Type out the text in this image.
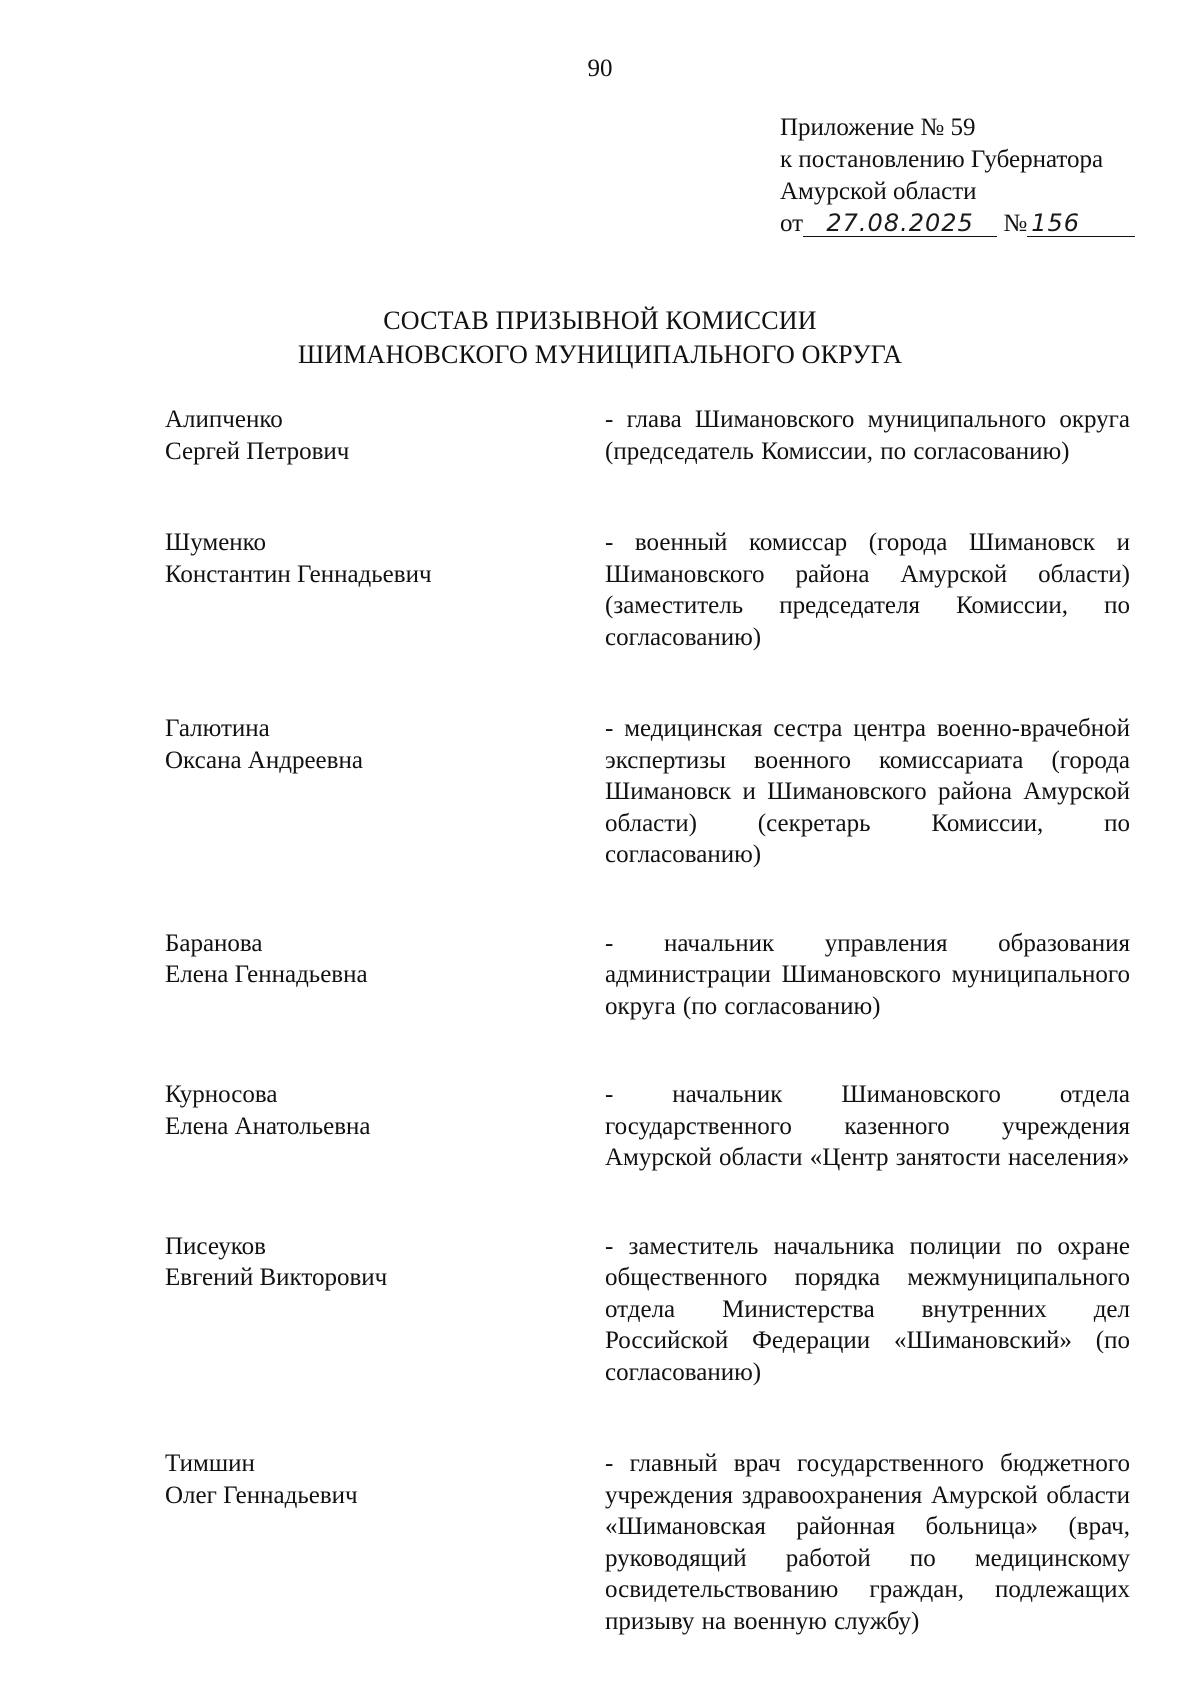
90
Приложение № 59
к постановлению Губернатора
Амурской области
от 27.08.2025 № 156
СОСТАВ ПРИЗЫВНОЙ КОМИССИИ
ШИМАНОВСКОГО МУНИЦИПАЛЬНОГО ОКРУГА
Алипченко
Сергей Петрович
- глава Шимановского муниципального округа (председатель Комиссии, по согласованию)
Шуменко
Константин Геннадьевич
- военный комиссар (города Шимановск и Шимановского района Амурской области) (заместитель председателя Комиссии, по согласованию)
Галютина
Оксана Андреевна
- медицинская сестра центра военно-врачебной экспертизы военного комиссариата (города Шимановск и Шимановского района Амурской области) (секретарь Комиссии, по согласованию)
Баранова
Елена Геннадьевна
- начальник управления образования администрации Шимановского муниципального округа (по согласованию)
Курносова
Елена Анатольевна
- начальник Шимановского отдела государственного казенного учреждения Амурской области «Центр занятости населения»
Писеуков
Евгений Викторович
- заместитель начальника полиции по охране общественного порядка межмуниципального отдела Министерства внутренних дел Российской Федерации «Шимановский» (по согласованию)
Тимшин
Олег Геннадьевич
- главный врач государственного бюджетного учреждения здравоохранения Амурской области «Шимановская районная больница» (врач, руководящий работой по медицинскому освидетельствованию граждан, подлежащих призыву на военную службу)
